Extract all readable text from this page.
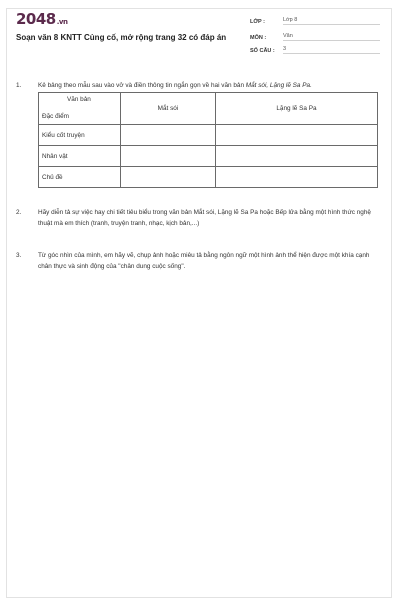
2048.vn
Soạn văn 8 KNTT Củng cố, mở rộng trang 32 có đáp án
LỚP :	Lớp 8
MÔN :	Văn
SỐ CÂU :	3
1.	Kẻ bảng theo mẫu sau vào vở và điền thông tin ngắn gọn về hai văn bản Mắt sói, Lặng lẽ Sa Pa.
Văn bản
Đặc điểm	Mắt sói	Lặng lẽ Sa Pa
Kiểu cốt truyện		
Nhân vật		
Chủ đề		
2.	Hãy diễn tả sự việc hay chi tiết tiêu biểu trong văn bản Mắt sói, Lặng lẽ Sa Pa hoặc Bếp lửa bằng một hình thức nghệ thuật mà em thích (tranh, truyện tranh, nhạc, kịch bản,...)
3.	Từ góc nhìn của mình, em hãy vẽ, chụp ảnh hoặc miêu tả bằng ngôn ngữ một hình ảnh thể hiện được một khía cạnh chân thực và sinh động của "chân dung cuộc sống".
